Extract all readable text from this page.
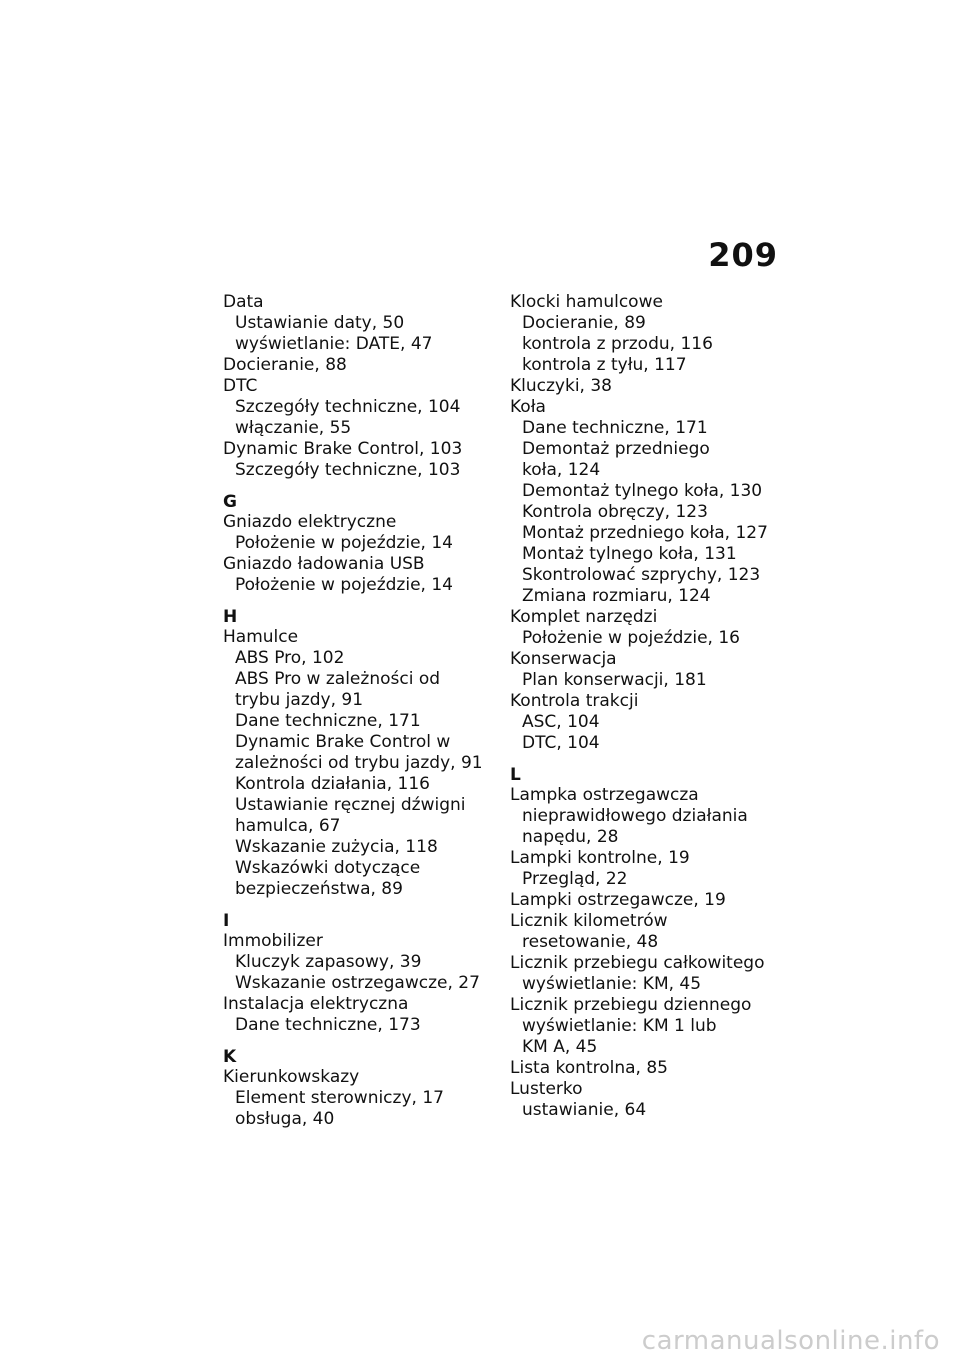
209
Data
Ustawianie daty, 50
wyświetlanie: DATE, 47
Docieranie, 88
DTC
Szczegóły techniczne, 104
włączanie, 55
Dynamic Brake Control, 103
Szczegóły techniczne, 103
G
Gniazdo elektryczne
Położenie w pojeździe, 14
Gniazdo ładowania USB
Położenie w pojeździe, 14
H
Hamulce
ABS Pro, 102
ABS Pro w zależności od
trybu jazdy, 91
Dane techniczne, 171
Dynamic Brake Control w
zależności od trybu jazdy, 91
Kontrola działania, 116
Ustawianie ręcznej dźwigni
hamulca, 67
Wskazanie zużycia, 118
Wskazówki dotyczące
bezpieczeństwa, 89
I
Immobilizer
Kluczyk zapasowy, 39
Wskazanie ostrzegawcze, 27
Instalacja elektryczna
Dane techniczne, 173
K
Kierunkowskazy
Element sterowniczy, 17
obsługa, 40
Klocki hamulcowe
Docieranie, 89
kontrola z przodu, 116
kontrola z tyłu, 117
Kluczyki, 38
Koła
Dane techniczne, 171
Demontaż przedniego
koła, 124
Demontaż tylnego koła, 130
Kontrola obręczy, 123
Montaż przedniego koła, 127
Montaż tylnego koła, 131
Skontrolować szprychy, 123
Zmiana rozmiaru, 124
Komplet narzędzi
Położenie w pojeździe, 16
Konserwacja
Plan konserwacji, 181
Kontrola trakcji
ASC, 104
DTC, 104
L
Lampka ostrzegawcza
nieprawidłowego działania
napędu, 28
Lampki kontrolne, 19
Przegląd, 22
Lampki ostrzegawcze, 19
Licznik kilometrów
resetowanie, 48
Licznik przebiegu całkowitego
wyświetlanie: KM, 45
Licznik przebiegu dziennego
wyświetlanie: KM 1 lub
KM A, 45
Lista kontrolna, 85
Lusterko
ustawianie, 64
carmanualsonline.info
